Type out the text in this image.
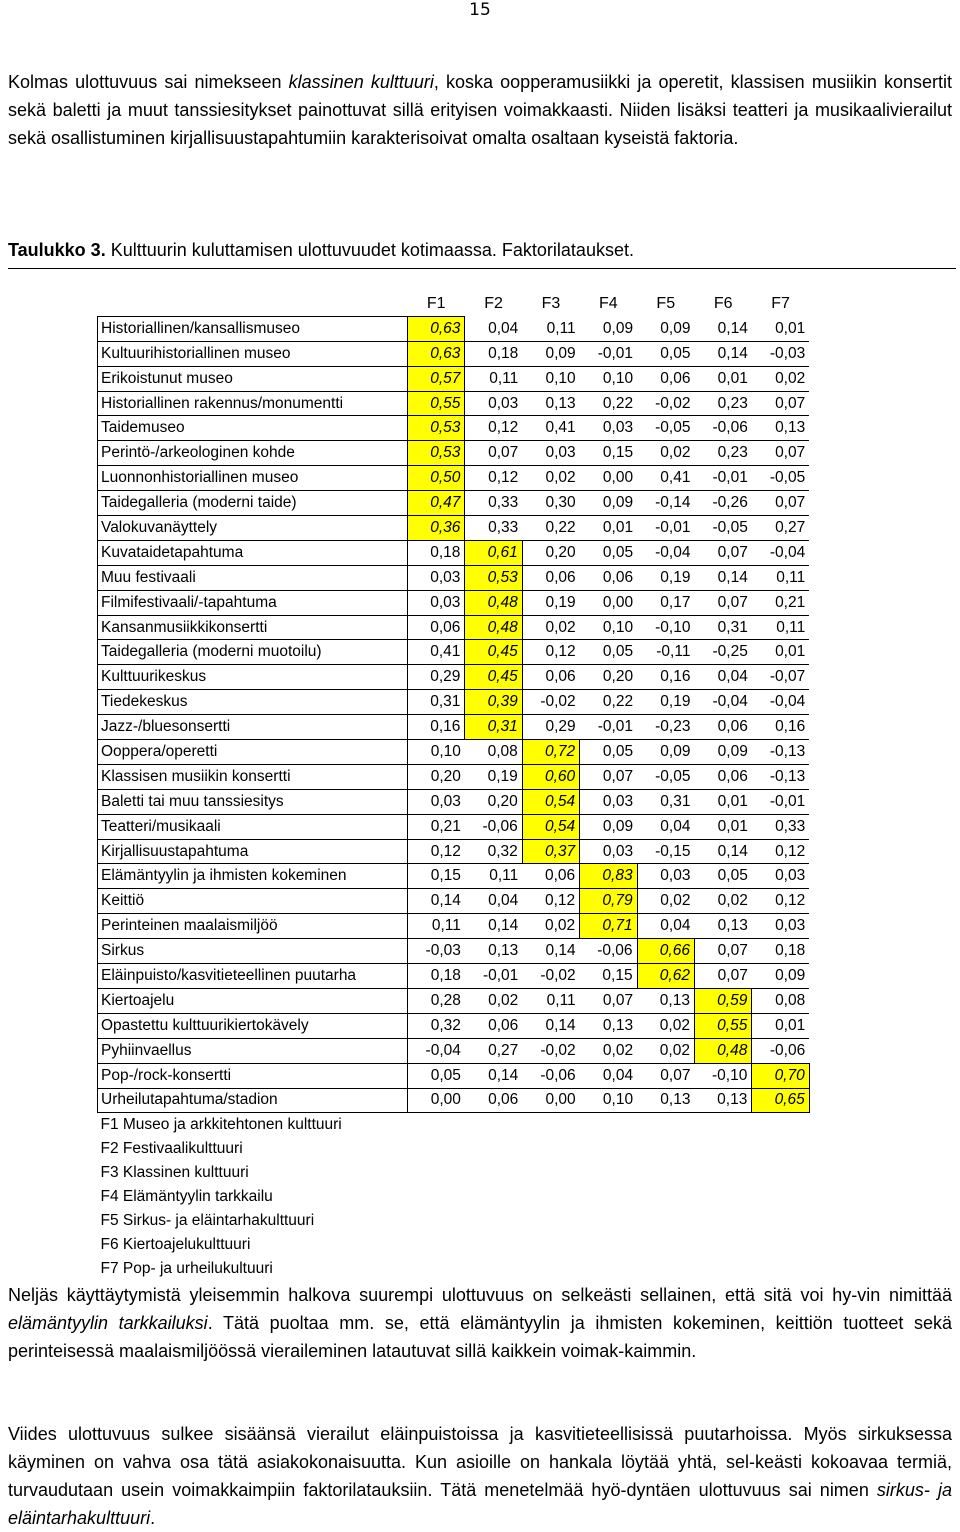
15

Kolmas ulottuvuus sai nimekseen klassinen kulttuuri, koska oopperamusiikki ja operetit, klassisen musiikin konsertit sekä baletti ja muut tanssiesitykset painottuvat sillä erityisen voimakkaasti. Niiden lisäksi teatteri ja musikaalivierailut sekä osallistuminen kirjallisuustapahtumiin karakterisoivat omalta osaltaan kyseistä faktoria.

Taulukko 3. Kulttuurin kuluttamisen ulottuvuudet kotimaassa. Faktorilataukset.
	F1	F2	F3	F4	F5	F6	F7
Historiallinen/kansallismuseo	0,63	0,04	0,11	0,09	0,09	0,14	0,01
Kultuurihistoriallinen museo	0,63	0,18	0,09	-0,01	0,05	0,14	-0,03
Erikoistunut museo	0,57	0,11	0,10	0,10	0,06	0,01	0,02
Historiallinen rakennus/monumentti	0,55	0,03	0,13	0,22	-0,02	0,23	0,07
Taidemuseo	0,53	0,12	0,41	0,03	-0,05	-0,06	0,13
Perintö-/arkeologinen kohde	0,53	0,07	0,03	0,15	0,02	0,23	0,07
Luonnonhistoriallinen museo	0,50	0,12	0,02	0,00	0,41	-0,01	-0,05
Taidegalleria (moderni taide)	0,47	0,33	0,30	0,09	-0,14	-0,26	0,07
Valokuvanäyttely	0,36	0,33	0,22	0,01	-0,01	-0,05	0,27
Kuvataidetapahtuma	0,18	0,61	0,20	0,05	-0,04	0,07	-0,04
Muu festivaali	0,03	0,53	0,06	0,06	0,19	0,14	0,11
Filmifestivaali/-tapahtuma	0,03	0,48	0,19	0,00	0,17	0,07	0,21
Kansanmusiikkikonsertti	0,06	0,48	0,02	0,10	-0,10	0,31	0,11
Taidegalleria (moderni muotoilu)	0,41	0,45	0,12	0,05	-0,11	-0,25	0,01
Kulttuurikeskus	0,29	0,45	0,06	0,20	0,16	0,04	-0,07
Tiedekeskus	0,31	0,39	-0,02	0,22	0,19	-0,04	-0,04
Jazz-/bluesonsertti	0,16	0,31	0,29	-0,01	-0,23	0,06	0,16
Ooppera/operetti	0,10	0,08	0,72	0,05	0,09	0,09	-0,13
Klassisen musiikin konsertti	0,20	0,19	0,60	0,07	-0,05	0,06	-0,13
Baletti tai muu tanssiesitys	0,03	0,20	0,54	0,03	0,31	0,01	-0,01
Teatteri/musikaali	0,21	-0,06	0,54	0,09	0,04	0,01	0,33
Kirjallisuustapahtuma	0,12	0,32	0,37	0,03	-0,15	0,14	0,12
Elämäntyylin ja ihmisten kokeminen	0,15	0,11	0,06	0,83	0,03	0,05	0,03
Keittiö	0,14	0,04	0,12	0,79	0,02	0,02	0,12
Perinteinen maalaismiljöö	0,11	0,14	0,02	0,71	0,04	0,13	0,03
Sirkus	-0,03	0,13	0,14	-0,06	0,66	0,07	0,18
Eläinpuisto/kasvitieteellinen puutarha	0,18	-0,01	-0,02	0,15	0,62	0,07	0,09
Kiertoajelu	0,28	0,02	0,11	0,07	0,13	0,59	0,08
Opastettu kulttuurikiertokävely	0,32	0,06	0,14	0,13	0,02	0,55	0,01
Pyhiinvaellus	-0,04	0,27	-0,02	0,02	0,02	0,48	-0,06
Pop-/rock-konsertti	0,05	0,14	-0,06	0,04	0,07	-0,10	0,70
Urheilutapahtuma/stadion	0,00	0,06	0,00	0,10	0,13	0,13	0,65
F1 Museo ja arkkitehtonen kulttuuri							
F2 Festivaalikulttuuri							
F3 Klassinen kulttuuri							
F4 Elämäntyylin tarkkailu							
F5 Sirkus- ja eläintarhakulttuuri							
F6 Kiertoajelukulttuuri							
F7 Pop- ja urheilukultuuri							

Neljäs käyttäytymistä yleisemmin halkova suurempi ulottuvuus on selkeästi sellainen, että sitä voi hy-vin nimittää elämäntyylin tarkkailuksi. Tätä puoltaa mm. se, että elämäntyylin ja ihmisten kokeminen, keittiön tuotteet sekä perinteisessä maalaismiljöössä vieraileminen latautuvat sillä kaikkein voimak-kaimmin.

Viides ulottuvuus sulkee sisäänsä vierailut eläinpuistoissa ja kasvitieteellisissä puutarhoissa. Myös sirkuksessa käyminen on vahva osa tätä asiakokonaisuutta. Kun asioille on hankala löytää yhtä, sel-keästi kokoavaa termiä, turvaudutaan usein voimakkaimpiin faktorilatauksiin. Tätä menetelmää hyö-dyntäen ulottuvuus sai nimen sirkus- ja eläintarhakulttuuri.
